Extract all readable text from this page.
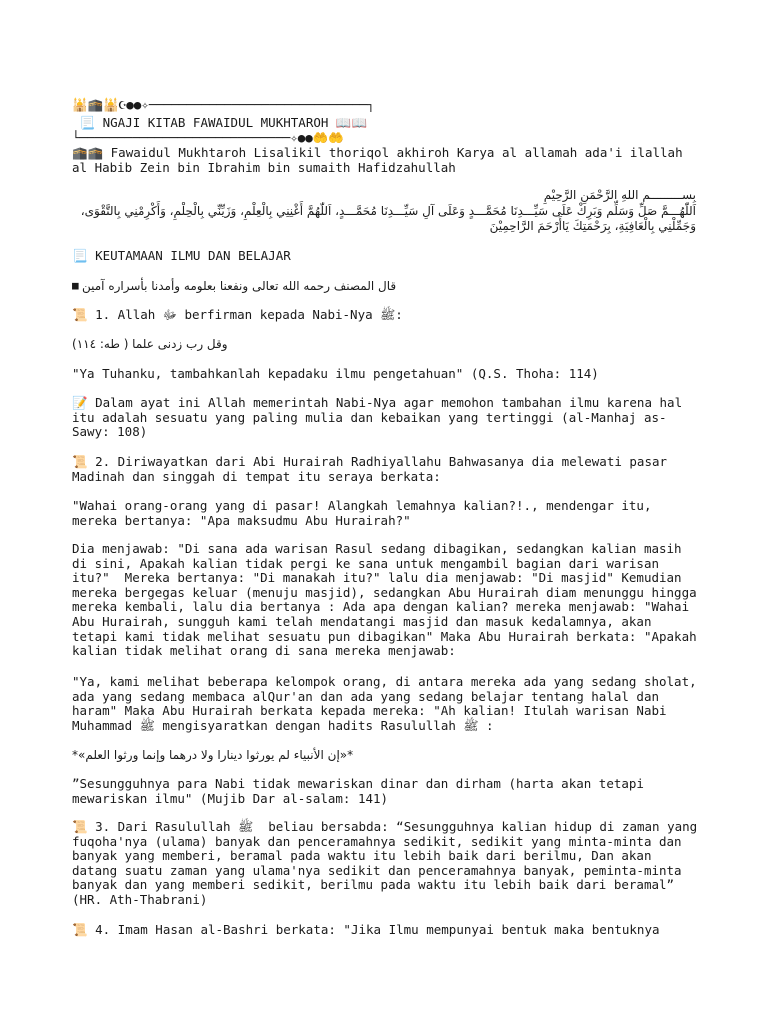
🕌🕋🕌☪●●✧─────────────────────────────┐
📃 NGAJI KITAB FAWAIDUL MUKHTAROH 📖📖
└────────────────────────────✧●●🤲🤲
🕋🕋 Fawaidul Mukhtaroh Lisalikil thoriqol akhiroh Karya al allamah ada'i ilallah al Habib Zein bin Ibrahim bin sumaith Hafidzahullah

بِســـــــــم اللهِ الرَّحْمَنِ الرَّحِيْمِ

اَللّٰهُـــمَّ صَلِّ وَسَلِّم وَبَرِكْ عَلَى سَيِّـــدِنَا مُحَمَّـــدٍ وَعَلَى آلِ سَيِّـــدِنَا مُحَمَّـــدٍ، اَللّٰهُمَّ أَغْنِنِي بِالْعِلْمِ، وَزَيِّنِّي بِالْحِلْمِ، وَأَكْرِمْنِي بِالتَّقْوَى، وَجَمِّلْنِي بِالْعَافِيَةِ، بِرَحْمَتِكَ يَاأَرْحَمَ الرَّاحِمِيْنَ

📃 KEUTAMAAN ILMU DAN BELAJAR
■ قال المصنف رحمه الله تعالى ونفعنا بعلومه وأمدنا بأسراره آمين
📜 1. Allah ﷻ berfirman kepada Nabi-Nya ﷺ:

وقل رب زدنى علما ( طه: ١١٤)

"Ya Tuhanku, tambahkanlah kepadaku ilmu pengetahuan" (Q.S. Thoha: 114)
📝 Dalam ayat ini Allah memerintah Nabi-Nya agar memohon tambahan ilmu karena hal itu adalah sesuatu yang paling mulia dan kebaikan yang tertinggi (al-Manhaj as-Sawy: 108)
📜 2. Diriwayatkan dari Abi Hurairah Radhiyallahu Bahwasanya dia melewati pasar Madinah dan singgah di tempat itu seraya berkata:
"Wahai orang-orang yang di pasar! Alangkah lemahnya kalian?!., mendengar itu, mereka bertanya: "Apa maksudmu Abu Hurairah?"
Dia menjawab: "Di sana ada warisan Rasul sedang dibagikan, sedangkan kalian masih di sini, Apakah kalian tidak pergi ke sana untuk mengambil bagian dari warisan itu?"  Mereka bertanya: "Di manakah itu?" lalu dia menjawab: "Di masjid" Kemudian mereka bergegas keluar (menuju masjid), sedangkan Abu Hurairah diam menunggu hingga mereka kembali, lalu dia bertanya : Ada apa dengan kalian? mereka menjawab: "Wahai Abu Hurairah, sungguh kami telah mendatangi masjid dan masuk kedalamnya, akan tetapi kami tidak melihat sesuatu pun dibagikan" Maka Abu Hurairah berkata: "Apakah kalian tidak melihat orang di sana mereka menjawab:
"Ya, kami melihat beberapa kelompok orang, di antara mereka ada yang sedang sholat, ada yang sedang membaca alQur'an dan ada yang sedang belajar tentang halal dan haram" Maka Abu Hurairah berkata kepada mereka: "Ah kalian! Itulah warisan Nabi Muhammad ﷺ mengisyaratkan dengan hadits Rasulullah ﷺ :

*«إن الأنبياء لم يورثوا دينارا ولا درهما وإنما ورثوا العلم»*

”Sesungguhnya para Nabi tidak mewariskan dinar dan dirham (harta akan tetapi mewariskan ilmu" (Mujib Dar al-salam: 141)
📜 3. Dari Rasulullah ﷺ  beliau bersabda: “Sesungguhnya kalian hidup di zaman yang fuqoha'nya (ulama) banyak dan penceramahnya sedikit, sedikit yang minta-minta dan banyak yang memberi, beramal pada waktu itu lebih baik dari berilmu, Dan akan datang suatu zaman yang ulama'nya sedikit dan penceramahnya banyak, peminta-minta banyak dan yang memberi sedikit, berilmu pada waktu itu lebih baik dari beramal” (HR. Ath-Thabrani)
📜 4. Imam Hasan al-Bashri berkata: "Jika Ilmu mempunyai bentuk maka bentuknya
